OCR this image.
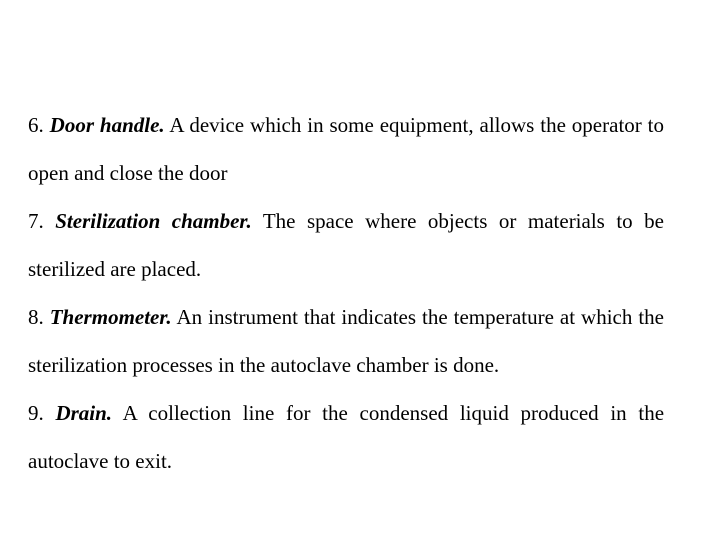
6. Door handle. A device which in some equipment, allows the operator to open and close the door

7. Sterilization chamber. The space where objects or materials to be sterilized are placed.

8. Thermometer. An instrument that indicates the temperature at which the sterilization processes in the autoclave chamber is done.

9. Drain. A collection line for the condensed liquid produced in the autoclave to exit.
